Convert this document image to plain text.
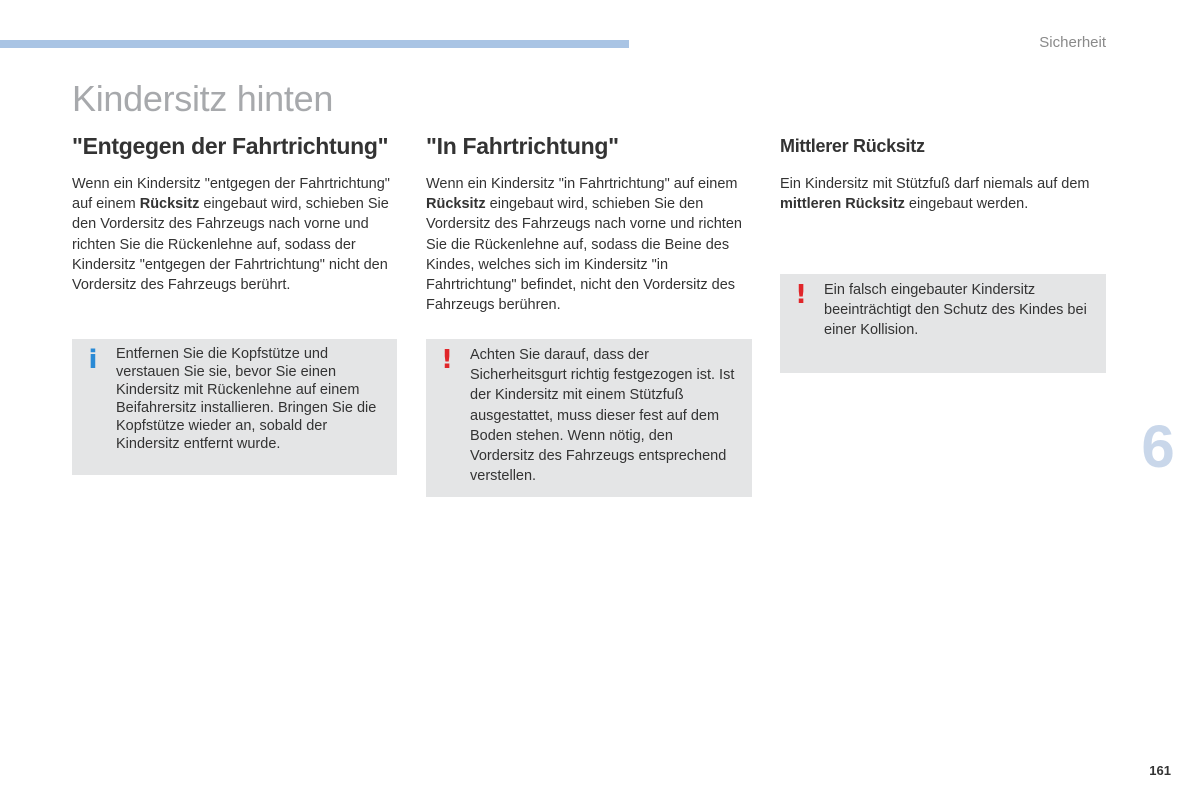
Sicherheit
Kindersitz hinten
"Entgegen der Fahrtrichtung"

Wenn ein Kindersitz "entgegen der Fahrtrichtung" auf einem Rücksitz eingebaut wird, schieben Sie den Vordersitz des Fahrzeugs nach vorne und richten Sie die Rückenlehne auf, sodass der Kindersitz "entgegen der Fahrtrichtung" nicht den Vordersitz des Fahrzeugs berührt.

i Entfernen Sie die Kopfstütze und verstauen Sie sie, bevor Sie einen Kindersitz mit Rückenlehne auf einem Beifahrersitz installieren. Bringen Sie die Kopfstütze wieder an, sobald der Kindersitz entfernt wurde.
"In Fahrtrichtung"

Wenn ein Kindersitz "in Fahrtrichtung" auf einem Rücksitz eingebaut wird, schieben Sie den Vordersitz des Fahrzeugs nach vorne und richten Sie die Rückenlehne auf, sodass die Beine des Kindes, welches sich im Kindersitz "in Fahrtrichtung" befindet, nicht den Vordersitz des Fahrzeugs berühren.

! Achten Sie darauf, dass der Sicherheitsgurt richtig festgezogen ist. Ist der Kindersitz mit einem Stützfuß ausgestattet, muss dieser fest auf dem Boden stehen. Wenn nötig, den Vordersitz des Fahrzeugs entsprechend verstellen.
Mittlerer Rücksitz

Ein Kindersitz mit Stützfuß darf niemals auf dem mittleren Rücksitz eingebaut werden.

! Ein falsch eingebauter Kindersitz beeinträchtigt den Schutz des Kindes bei einer Kollision.
6
161
